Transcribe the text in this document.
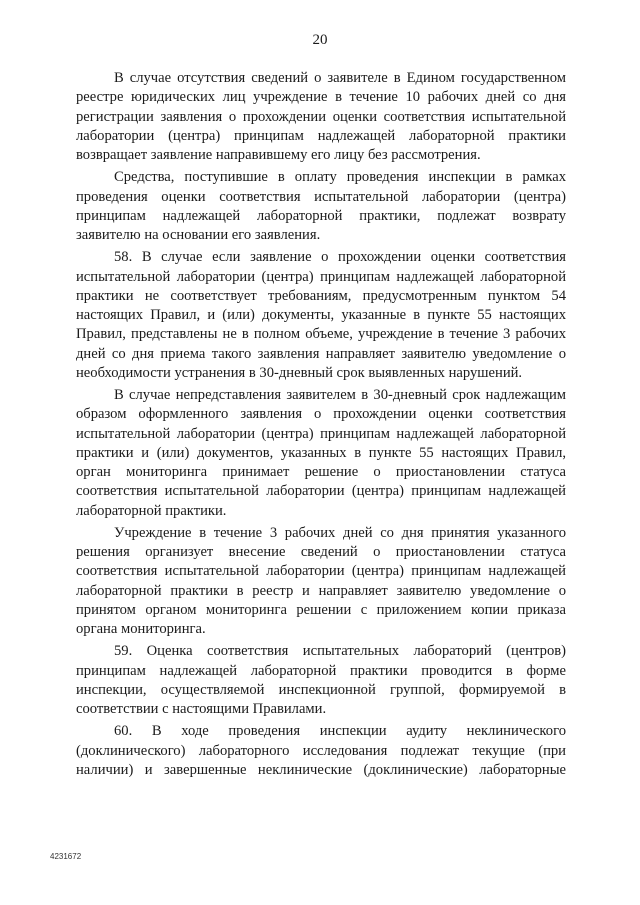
20

В случае отсутствия сведений о заявителе в Едином государственном реестре юридических лиц учреждение в течение 10 рабочих дней со дня регистрации заявления о прохождении оценки соответствия испытательной лаборатории (центра) принципам надлежащей лабораторной практики возвращает заявление направившему его лицу без рассмотрения.

Средства, поступившие в оплату проведения инспекции в рамках проведения оценки соответствия испытательной лаборатории (центра) принципам надлежащей лабораторной практики, подлежат возврату заявителю на основании его заявления.

58. В случае если заявление о прохождении оценки соответствия испытательной лаборатории (центра) принципам надлежащей лабораторной практики не соответствует требованиям, предусмотренным пунктом 54 настоящих Правил, и (или) документы, указанные в пункте 55 настоящих Правил, представлены не в полном объеме, учреждение в течение 3 рабочих дней со дня приема такого заявления направляет заявителю уведомление о необходимости устранения в 30-дневный срок выявленных нарушений.

В случае непредставления заявителем в 30-дневный срок надлежащим образом оформленного заявления о прохождении оценки соответствия испытательной лаборатории (центра) принципам надлежащей лабораторной практики и (или) документов, указанных в пункте 55 настоящих Правил, орган мониторинга принимает решение о приостановлении статуса соответствия испытательной лаборатории (центра) принципам надлежащей лабораторной практики.

Учреждение в течение 3 рабочих дней со дня принятия указанного решения организует внесение сведений о приостановлении статуса соответствия испытательной лаборатории (центра) принципам надлежащей лабораторной практики в реестр и направляет заявителю уведомление о принятом органом мониторинга решении с приложением копии приказа органа мониторинга.

59. Оценка соответствия испытательных лабораторий (центров) принципам надлежащей лабораторной практики проводится в форме инспекции, осуществляемой инспекционной группой, формируемой в соответствии с настоящими Правилами.

60. В ходе проведения инспекции аудиту неклинического (доклинического) лабораторного исследования подлежат текущие (при наличии) и завершенные неклинические (доклинические) лабораторные

4231672
